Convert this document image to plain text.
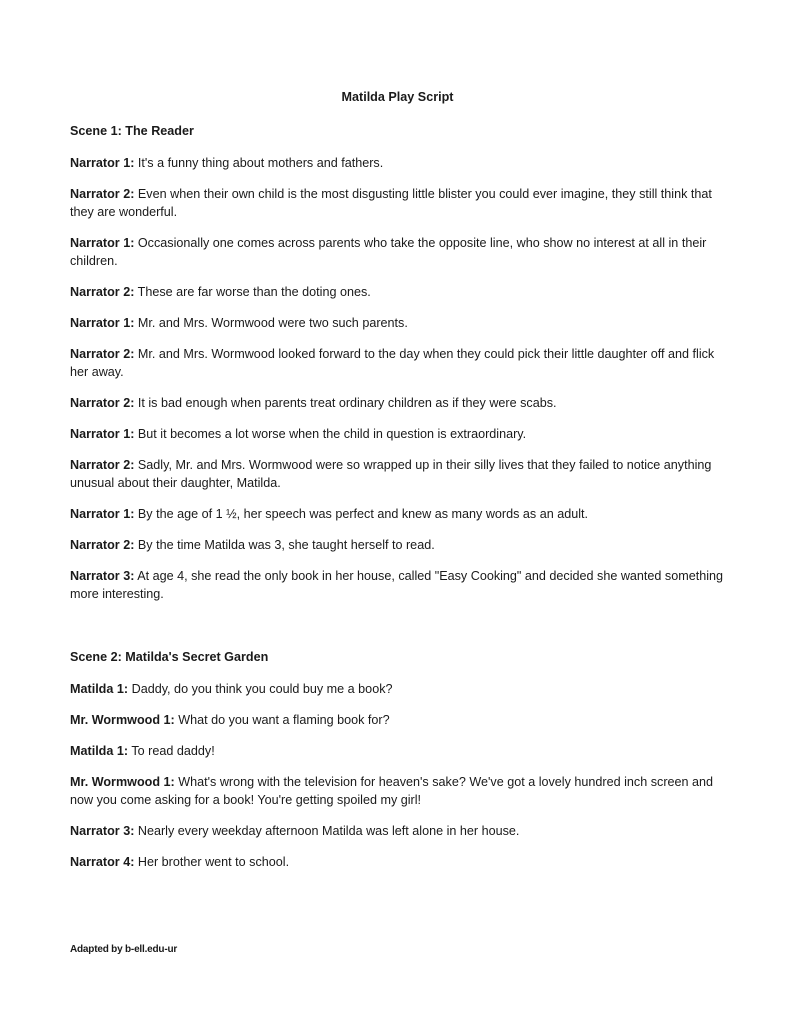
Matilda Play Script
Scene 1: The Reader
Narrator 1: It's a funny thing about mothers and fathers.
Narrator 2: Even when their own child is the most disgusting little blister you could ever imagine, they still think that they are wonderful.
Narrator 1: Occasionally one comes across parents who take the opposite line, who show no interest at all in their children.
Narrator 2: These are far worse than the doting ones.
Narrator 1: Mr. and Mrs. Wormwood were two such parents.
Narrator 2: Mr. and Mrs. Wormwood looked forward to the day when they could pick their little daughter off and flick her away.
Narrator 2: It is bad enough when parents treat ordinary children as if they were scabs.
Narrator 1: But it becomes a lot worse when the child in question is extraordinary.
Narrator 2: Sadly, Mr. and Mrs. Wormwood were so wrapped up in their silly lives that they failed to notice anything unusual about their daughter, Matilda.
Narrator 1: By the age of 1 ½, her speech was perfect and knew as many words as an adult.
Narrator 2: By the time Matilda was 3, she taught herself to read.
Narrator 3: At age 4, she read the only book in her house, called "Easy Cooking" and decided she wanted something more interesting.
Scene 2: Matilda's Secret Garden
Matilda 1: Daddy, do you think you could buy me a book?
Mr. Wormwood 1: What do you want a flaming book for?
Matilda 1: To read daddy!
Mr. Wormwood 1: What's wrong with the television for heaven's sake? We've got a lovely hundred inch screen and now you come asking for a book! You're getting spoiled my girl!
Narrator 3: Nearly every weekday afternoon Matilda was left alone in her house.
Narrator 4: Her brother went to school.
Adapted by b-ell.edu-ur
